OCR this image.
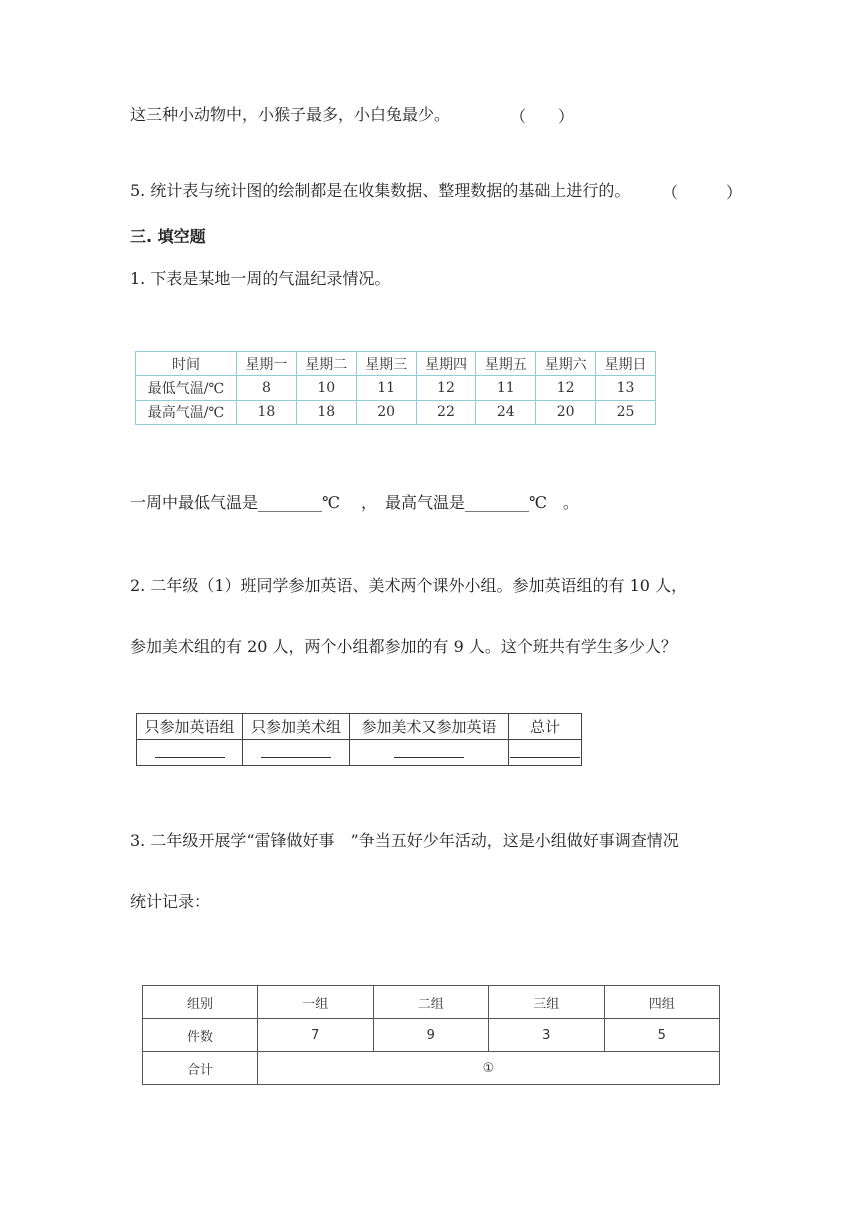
这三种小动物中，小猴子最多，小白兔最少。	（　　）
5. 统计表与统计图的绘制都是在收集数据、整理数据的基础上进行的。 （　　　）
三. 填空题
1. 下表是某地一周的气温纪录情况。
时间	星期一	星期二	星期三	星期四	星期五	星期六	星期日
最低气温/℃	8	10	11	12	11	12	13
最高气温/℃	18	18	20	22	24	20	25
一周中最低气温是________℃　 ，　最高气温是________℃　。
2. 二年级（1）班同学参加英语、美术两个课外小组。参加英语组的有 10 人，
参加美术组的有 20 人，两个小组都参加的有 9 人。这个班共有学生多少人？
只参加英语组	只参加美术组	参加美术又参加英语	总计

3. 二年级开展学“雷锋做好事　”争当五好少年活动，这是小组做好事调查情况
统计记录：
组别	一组	二组	三组	四组
件数	7	9	3	5
合计	①			
